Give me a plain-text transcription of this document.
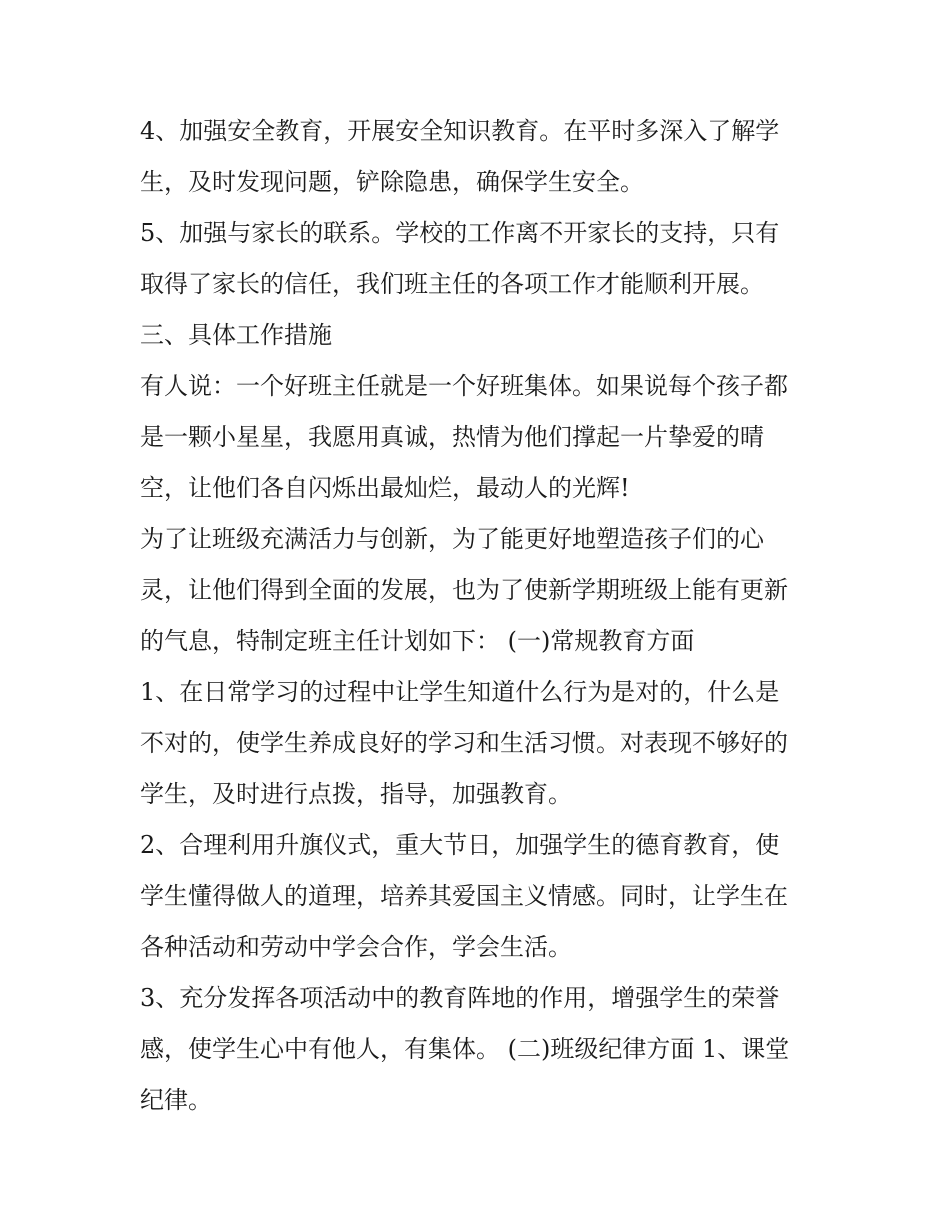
4、加强安全教育，开展安全知识教育。在平时多深入了解学
生，及时发现问题，铲除隐患，确保学生安全。
5、加强与家长的联系。学校的工作离不开家长的支持，只有
取得了家长的信任，我们班主任的各项工作才能顺利开展。
三、具体工作措施
有人说：一个好班主任就是一个好班集体。如果说每个孩子都
是一颗小星星，我愿用真诚，热情为他们撑起一片挚爱的晴
空，让他们各自闪烁出最灿烂，最动人的光辉!
为了让班级充满活力与创新，为了能更好地塑造孩子们的心
灵，让他们得到全面的发展，也为了使新学期班级上能有更新
的气息，特制定班主任计划如下： (一)常规教育方面
1、在日常学习的过程中让学生知道什么行为是对的，什么是
不对的，使学生养成良好的学习和生活习惯。对表现不够好的
学生，及时进行点拨，指导，加强教育。
2、合理利用升旗仪式，重大节日，加强学生的德育教育，使
学生懂得做人的道理，培养其爱国主义情感。同时，让学生在
各种活动和劳动中学会合作，学会生活。
3、充分发挥各项活动中的教育阵地的作用，增强学生的荣誉
感，使学生心中有他人，有集体。 (二)班级纪律方面 1、课堂
纪律。
